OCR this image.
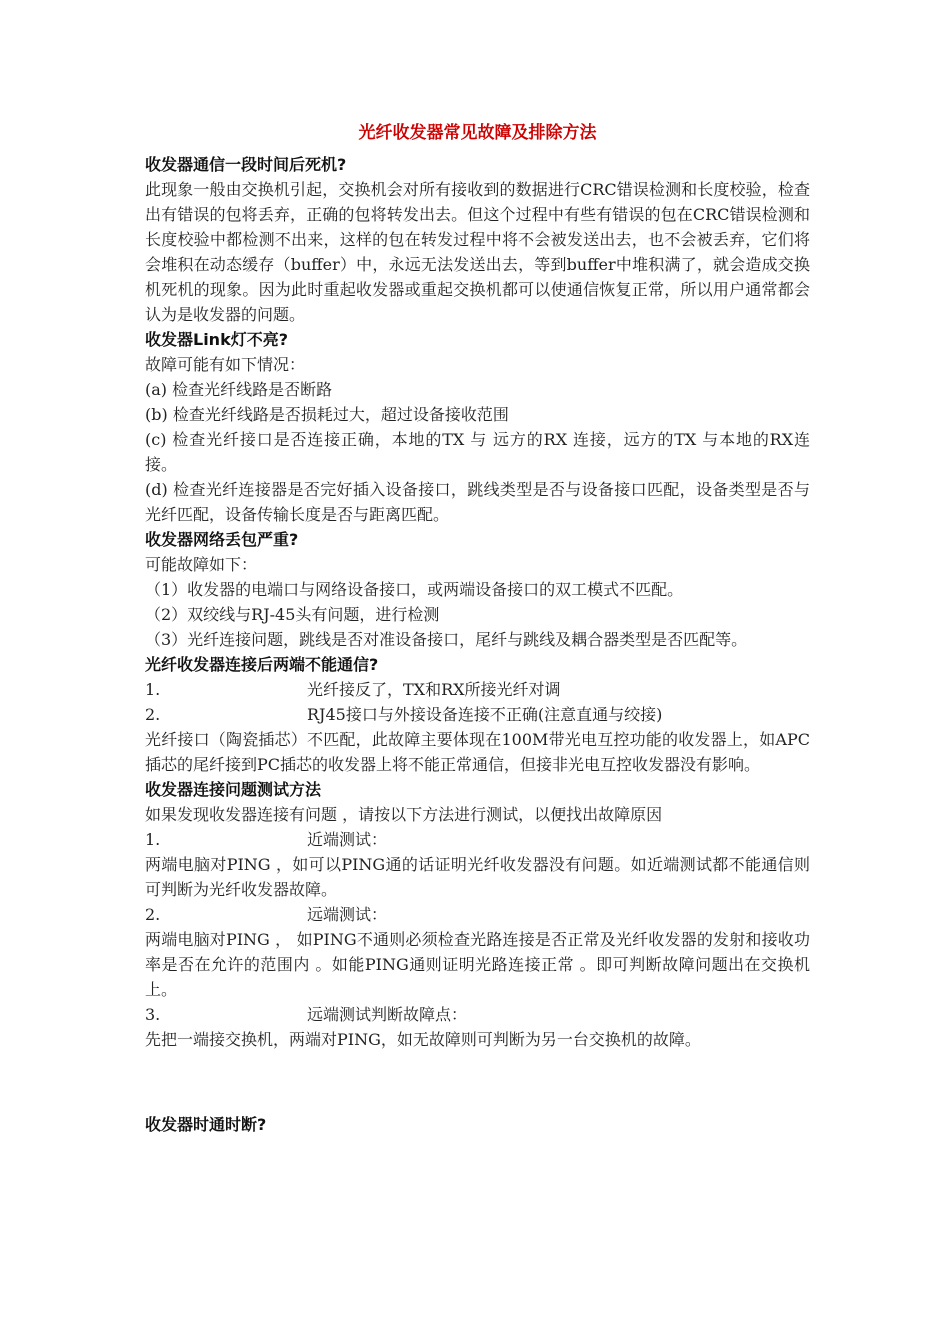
光纤收发器常见故障及排除方法
收发器通信一段时间后死机?
此现象一般由交换机引起，交换机会对所有接收到的数据进行CRC错误检测和长度校验，检查出有错误的包将丢弃，正确的包将转发出去。但这个过程中有些有错误的包在CRC错误检测和长度校验中都检测不出来，这样的包在转发过程中将不会被发送出去，也不会被丢弃，它们将会堆积在动态缓存（buffer）中，永远无法发送出去，等到buffer中堆积满了，就会造成交换机死机的现象。因为此时重起收发器或重起交换机都可以使通信恢复正常，所以用户通常都会认为是收发器的问题。
收发器Link灯不亮?
故障可能有如下情况：
(a) 检查光纤线路是否断路
(b) 检查光纤线路是否损耗过大，超过设备接收范围
(c) 检查光纤接口是否连接正确，本地的TX 与 远方的RX 连接，远方的TX 与本地的RX连接。
(d) 检查光纤连接器是否完好插入设备接口，跳线类型是否与设备接口匹配，设备类型是否与光纤匹配，设备传输长度是否与距离匹配。
收发器网络丢包严重?
可能故障如下：
（1）收发器的电端口与网络设备接口，或两端设备接口的双工模式不匹配。
（2）双绞线与RJ-45头有问题，进行检测
（3）光纤连接问题，跳线是否对准设备接口，尾纤与跳线及耦合器类型是否匹配等。
光纤收发器连接后两端不能通信?
1.	光纤接反了，TX和RX所接光纤对调
2.	RJ45接口与外接设备连接不正确(注意直通与绞接)
光纤接口（陶瓷插芯）不匹配，此故障主要体现在100M带光电互控功能的收发器上，如APC插芯的尾纤接到PC插芯的收发器上将不能正常通信，但接非光电互控收发器没有影响。
收发器连接问题测试方法
如果发现收发器连接有问题 ，请按以下方法进行测试，以便找出故障原因
1.	近端测试：
两端电脑对PING ，如可以PING通的话证明光纤收发器没有问题。如近端测试都不能通信则可判断为光纤收发器故障。
2.	远端测试：
两端电脑对PING ， 如PING不通则必须检查光路连接是否正常及光纤收发器的发射和接收功率是否在允许的范围内 。如能PING通则证明光路连接正常 。即可判断故障问题出在交换机上。
3.	远端测试判断故障点：
先把一端接交换机，两端对PING，如无故障则可判断为另一台交换机的故障。
收发器时通时断?
